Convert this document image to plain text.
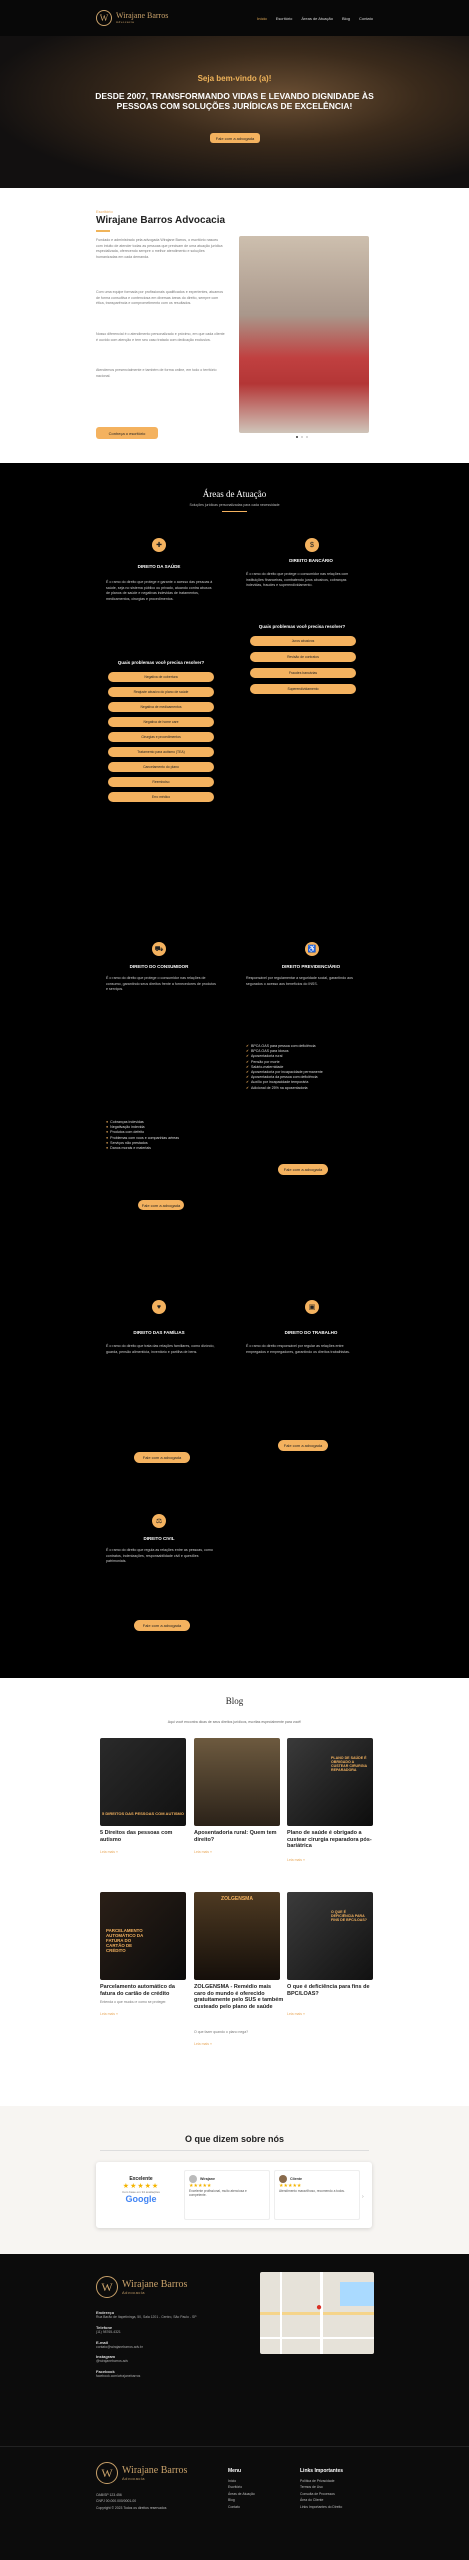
W Wirajane Barros
Advocacia
Início Escritório Áreas de Atuação Blog Contato
Seja bem-vindo (a)!
DESDE 2007, TRANSFORMANDO VIDAS E LEVANDO DIGNIDADE ÀS PESSOAS COM SOLUÇÕES JURÍDICAS DE EXCELÊNCIA!
Fale com a advogada
Escritório
Wirajane Barros Advocacia
Fundado e administrado pela advogada Wirajane Barros, o escritório nasceu com intuito de atender todas as pessoas que precisam de uma atuação jurídica especializada, oferecendo sempre o melhor atendimento e soluções humanizadas em cada demanda.
Com uma equipe formada por profissionais qualificados e experientes, atuamos de forma consultiva e contenciosa em diversas áreas do direito, sempre com ética, transparência e comprometimento com os resultados.
Nosso diferencial é o atendimento personalizado e próximo, em que cada cliente é ouvido com atenção e tem seu caso tratado com dedicação exclusiva.
Atendemos presencialmente e também de forma online, em todo o território nacional.
Conheça o escritório
Áreas de Atuação
Soluções jurídicas personalizadas para cada necessidade
✚
DIREITO DA SAÚDE
É o ramo do direito que protege e garante o acesso das pessoas à saúde, seja no sistema público ou privado, atuando contra abusos de planos de saúde e negativas indevidas de tratamentos, medicamentos, cirurgias e procedimentos.
Quais problemas você precisa resolver?
Negativa de cobertura
Reajuste abusivo do plano de saúde
Negativa de medicamentos
Negativa de home care
Cirurgias e procedimentos
Tratamento para autismo (TEA)
Cancelamento do plano
Reembolso
Erro médico
$
DIREITO BANCÁRIO
É o ramo do direito que protege o consumidor nas relações com instituições financeiras, combatendo juros abusivos, cobranças indevidas, fraudes e superendividamento.
Quais problemas você precisa resolver?
Juros abusivos
Revisão de contratos
Fraudes bancárias
Superendividamento
⛟
DIREITO DO CONSUMIDOR
É o ramo do direito que protege o consumidor nas relações de consumo, garantindo seus direitos frente a fornecedores de produtos e serviços.
● Cobranças indevidas
● Negativação indevida
● Produtos com defeito
● Problemas com voos e companhias aéreas
● Serviços não prestados
● Danos morais e materiais
Fale com a advogada
♿
DIREITO PREVIDENCIÁRIO
Responsável por regulamentar a seguridade social, garantindo aos segurados o acesso aos benefícios do INSS.
✔ BPC/LOAS para pessoa com deficiência
✔ BPC/LOAS para idosos
✔ Aposentadoria rural
✔ Pensão por morte
✔ Salário-maternidade
✔ Aposentadoria por incapacidade permanente
✔ Aposentadoria da pessoa com deficiência
✔ Auxílio por incapacidade temporária
✔ Adicional de 25% na aposentadoria
Fale com a advogada
♥
DIREITO DAS FAMÍLIAS
É o ramo do direito que trata das relações familiares, como divórcio, guarda, pensão alimentícia, inventário e partilha de bens.
Fale com a advogada
▣
DIREITO DO TRABALHO
É o ramo do direito responsável por regular as relações entre empregados e empregadores, garantindo os direitos trabalhistas.
Fale com a advogada
⚖
DIREITO CIVIL
É o ramo do direito que regula as relações entre as pessoas, como contratos, indenizações, responsabilidade civil e questões patrimoniais.
Fale com a advogada
Blog
Aqui você encontra dicas de seus direitos jurídicos, escritas especialmente para você!
5 DIREITOS DAS PESSOAS COM AUTISMO
5 Direitos das pessoas com autismo
Leia mais »
Aposentadoria rural: Quem tem direito?
Leia mais »
PLANO DE SAÚDE É OBRIGADO A CUSTEAR CIRURGIA REPARADORA
Plano de saúde é obrigado a custear cirurgia reparadora pós-bariátrica
Leia mais »
PARCELAMENTO AUTOMÁTICO DA FATURA DO CARTÃO DE CRÉDITO
Parcelamento automático da fatura do cartão de crédito
Entenda o que mudou e como se proteger.
Leia mais »
ZOLGENSMA
ZOLGENSMA - Remédio mais caro do mundo é oferecido gratuitamente pelo SUS e também custeado pelo plano de saúde
O que fazer quando o plano nega?
Leia mais »
O QUE É DEFICIÊNCIA PARA FINS DE BPC/LOAS?
O que é deficiência para fins de BPC/LOAS?
Leia mais »
O que dizem sobre nós
Excelente
★★★★★
Com base em 34 avaliações
Google
Wirajane
★★★★★
Excelente profissional, muito atenciosa e competente.
Cliente
★★★★★
Atendimento maravilhoso, recomendo a todos.
›
W Wirajane Barros
Advocacia
Endereço
Rua Barão de Itapetininga, 50, Sala 1201 - Centro, São Paulo - SP
Telefone
(11) 98765-4321
E-mail
contato@wirajanebarros.adv.br
Instagram
@wirajanebarros.adv
Facebook
facebook.com/wirajanebarros
●
W Wirajane Barros
Advocacia
OAB/SP 123.456
CNPJ 00.000.000/0001-00
Copyright © 2023 Todos os direitos reservados
Menu
Início
Escritório
Áreas de Atuação
Blog
Contato
Links Importantes
Política de Privacidade
Termos de Uso
Consulta de Processos
Área do Cliente
Links Importantes do Direito
